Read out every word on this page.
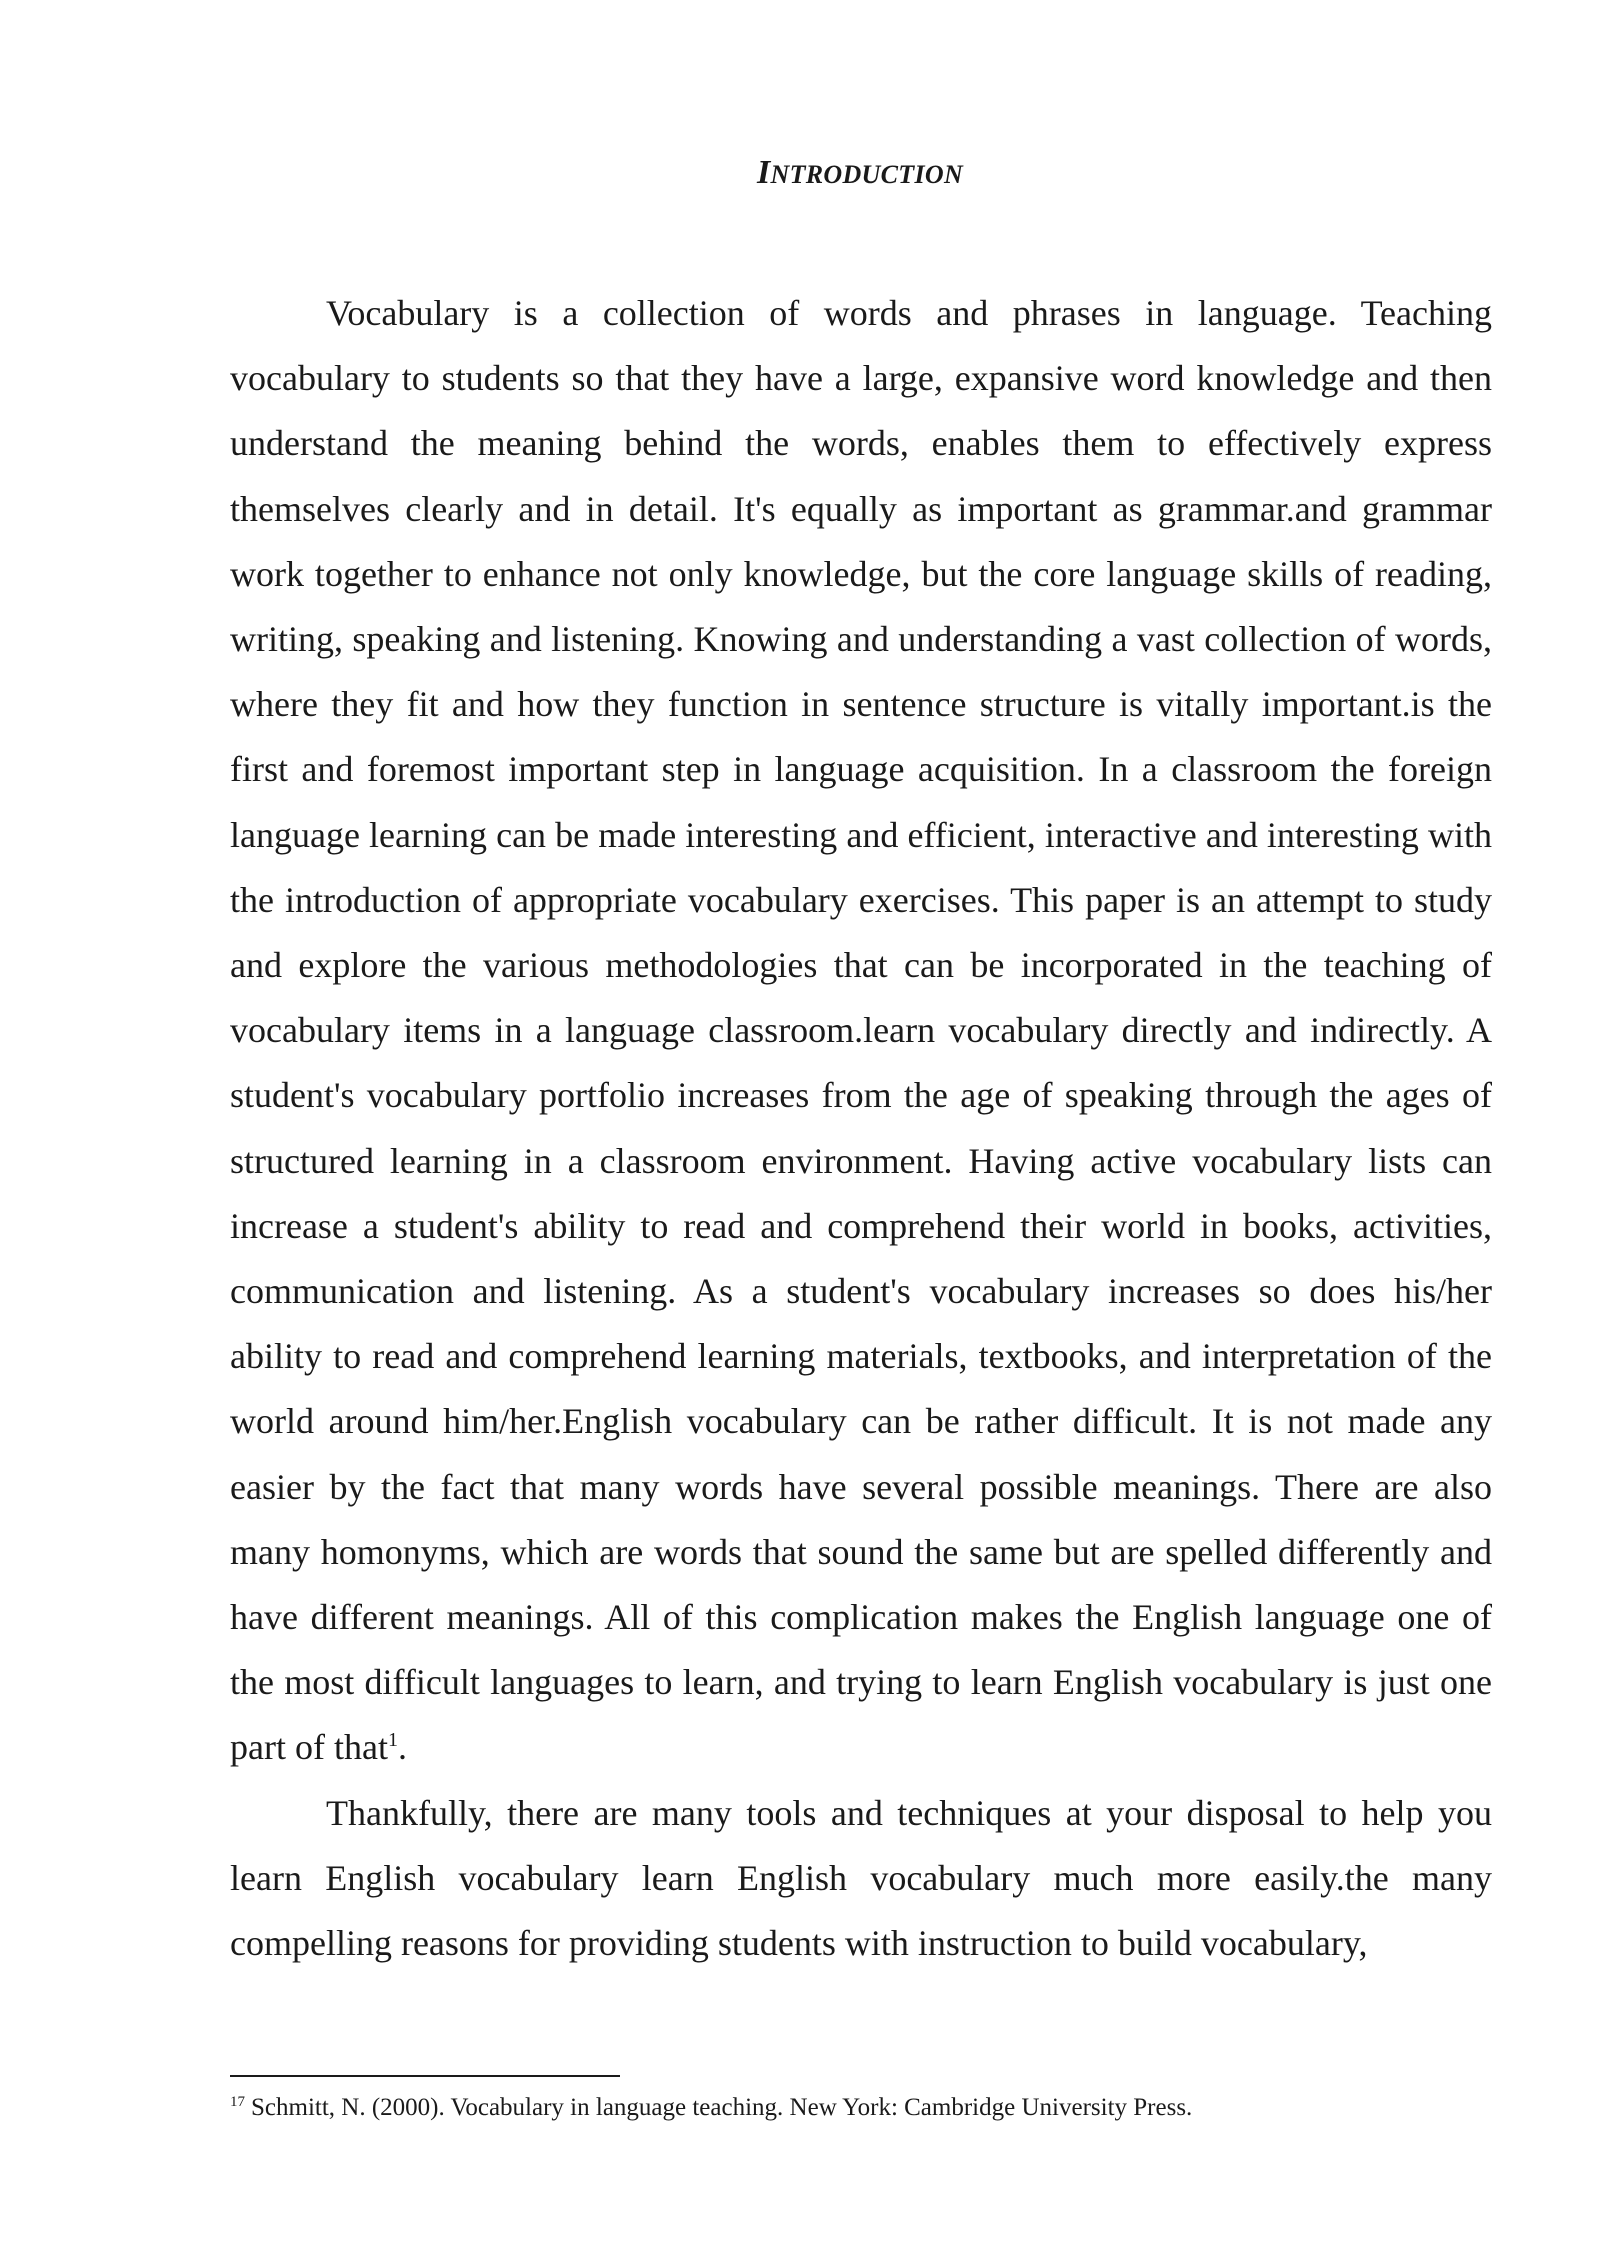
INTRODUCTION

Vocabulary is a collection of words and phrases in language. Teaching vocabulary to students so that they have a large, expansive word knowledge and then understand the meaning behind the words, enables them to effectively express themselves clearly and in detail. It's equally as important as grammar.and grammar work together to enhance not only knowledge, but the core language skills of reading, writing, speaking and listening. Knowing and understanding a vast collection of words, where they fit and how they function in sentence structure is vitally important.is the first and foremost important step in language acquisition. In a classroom the foreign language learning can be made interesting and efficient, interactive and interesting with the introduction of appropriate vocabulary exercises. This paper is an attempt to study and explore the various methodologies that can be incorporated in the teaching of vocabulary items in a language classroom.learn vocabulary directly and indirectly. A student's vocabulary portfolio increases from the age of speaking through the ages of structured learning in a classroom environment. Having active vocabulary lists can increase a student's ability to read and comprehend their world in books, activities, communication and listening. As a student's vocabulary increases so does his/her ability to read and comprehend learning materials, textbooks, and interpretation of the world around him/her.English vocabulary can be rather difficult. It is not made any easier by the fact that many words have several possible meanings. There are also many homonyms, which are words that sound the same but are spelled differently and have different meanings. All of this complication makes the English language one of the most difficult languages to learn, and trying to learn English vocabulary is just one part of that$^1$.

Thankfully, there are many tools and techniques at your disposal to help you learn English vocabulary learn English vocabulary much more easily.the many compelling reasons for providing students with instruction to build vocabulary,

$^{17}$ Schmitt, N. (2000). Vocabulary in language teaching. New York: Cambridge University Press.
